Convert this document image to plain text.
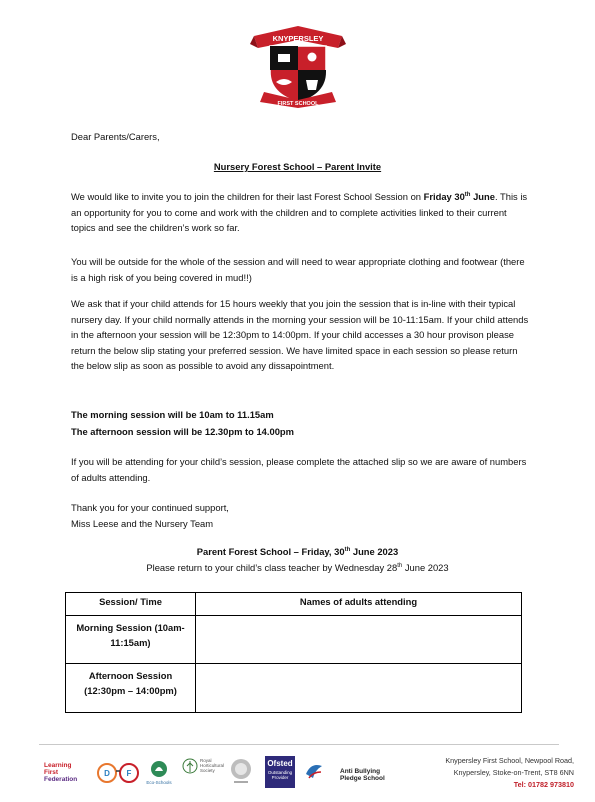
KNYPERSLEY
FIRST SCHOOL
Dear Parents/Carers,
Nursery Forest School – Parent Invite
We would like to invite you to join the children for their last Forest School Session on Friday 30th June. This is an opportunity for you to come and work with the children and to complete activities linked to their current topics and see the children’s work so far.
You will be outside for the whole of the session and will need to wear appropriate clothing and footwear (there is a high risk of you being covered in mud!!)
We ask that if your child attends for 15 hours weekly that you join the session that is in-line with their typical nursery day. If your child normally attends in the morning your session will be 10-11:15am. If your child attends in the afternoon your session will be 12:30pm to 14:00pm. If your child accesses a 30 hour provison please return the below slip stating your preferred session. We have limited space in each session so please return the below slip as soon as possible to avoid any dissapointment.
The morning session will be 10am to 11.15am
The afternoon session will be 12.30pm to 14.00pm
If you will be attending for your child’s session, please complete the attached slip so we are aware of numbers of adults attending.
Thank you for your continued support,
Miss Leese and the Nursery Team
Parent Forest School – Friday, 30th June 2023
Please return to your child’s class teacher by Wednesday 28th June 2023
Session/ Time	Names of adults attending
Morning Session (10am-11:15am)	
Afternoon Session (12:30pm – 14:00pm)	
Learning
First
Federation
D F
Eco-Schools
Royal
Horticultural
Society
Ofsted
Outstanding
Provider
Anti Bullying
Pledge School
Knypersley First School, Newpool Road,
Knypersley, Stoke-on-Trent, ST8 6NN
Tel: 01782 973810
